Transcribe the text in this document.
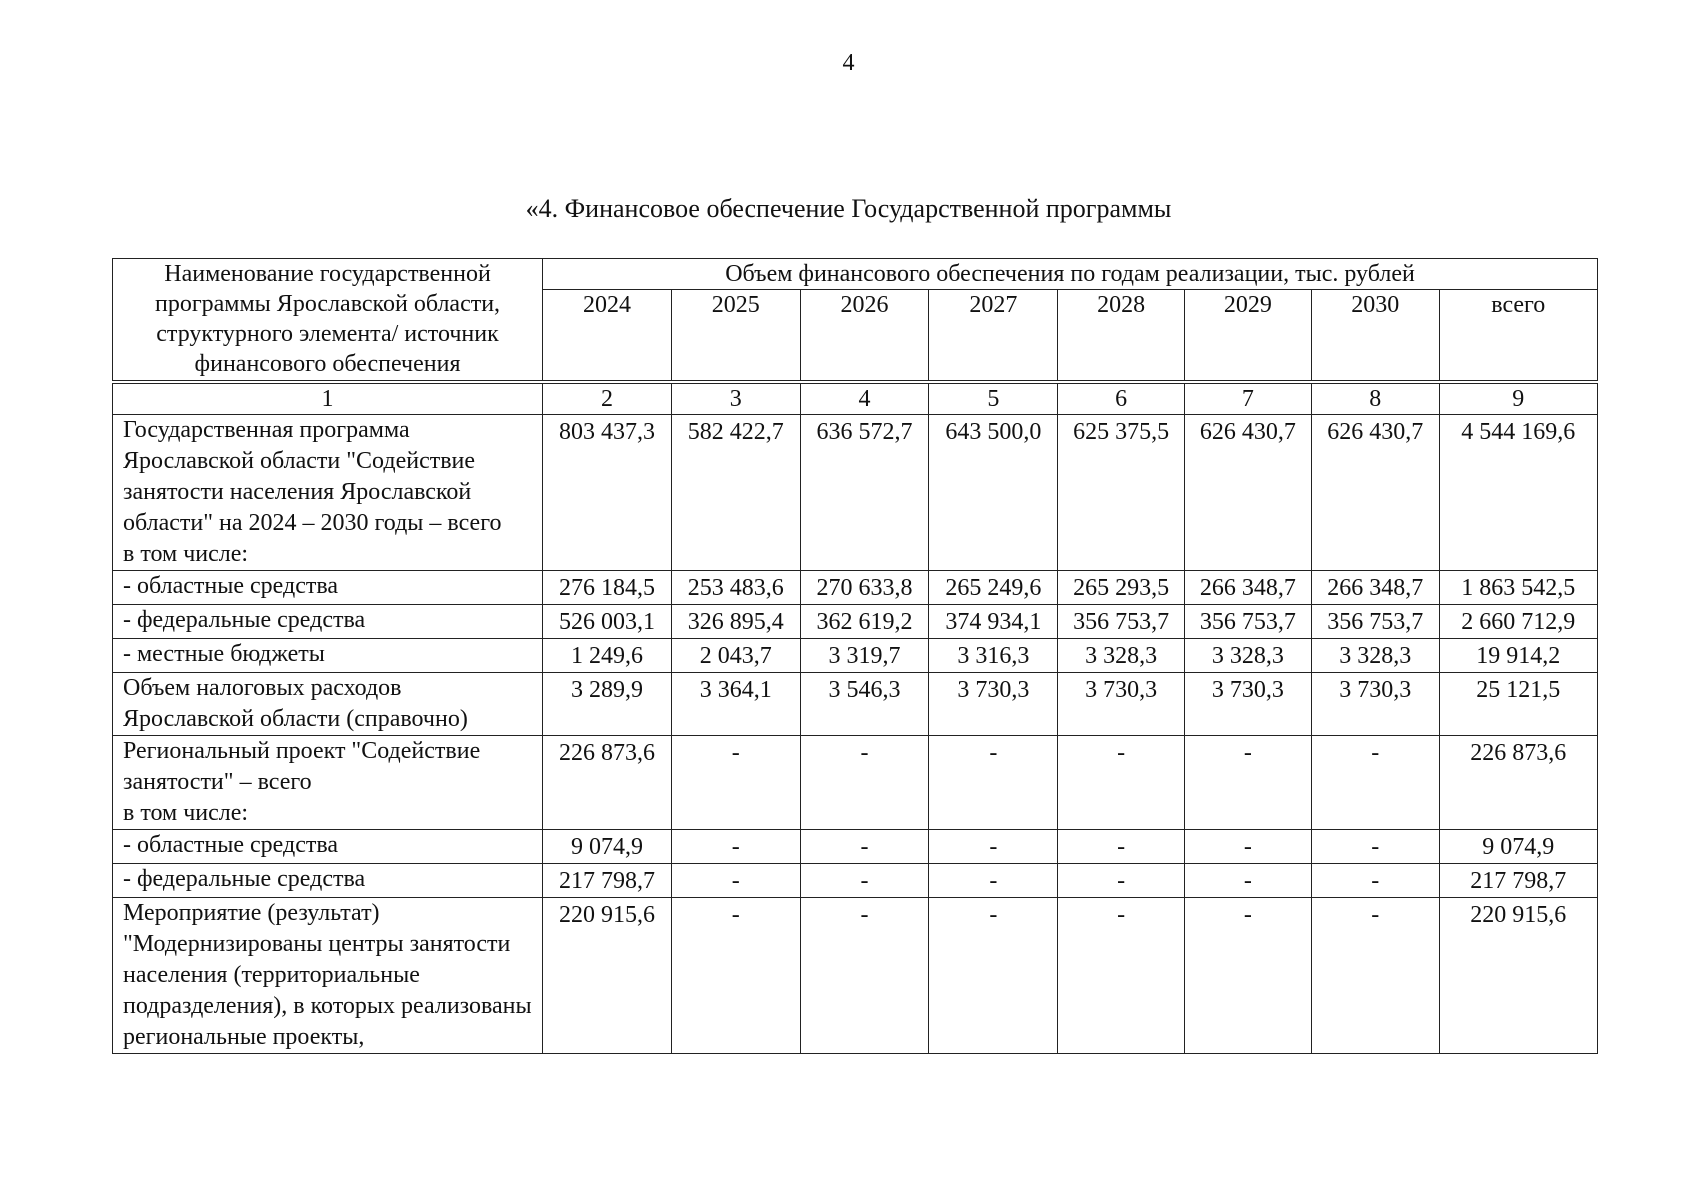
4
«4. Финансовое обеспечение Государственной программы
Наименование государственной программы Ярославской области, структурного элемента/ источник финансового обеспечения	Объем финансового обеспечения по годам реализации, тыс. рублей							
	2024	2025	2026	2027	2028	2029	2030	всего
1	2	3	4	5	6	7	8	9
Государственная программа Ярославской области "Содействие занятости населения Ярославской области" на 2024 – 2030 годы – всего
в том числе:	803 437,3	582 422,7	636 572,7	643 500,0	625 375,5	626 430,7	626 430,7	4 544 169,6
- областные средства	276 184,5	253 483,6	270 633,8	265 249,6	265 293,5	266 348,7	266 348,7	1 863 542,5
- федеральные средства	526 003,1	326 895,4	362 619,2	374 934,1	356 753,7	356 753,7	356 753,7	2 660 712,9
- местные бюджеты	1 249,6	2 043,7	3 319,7	3 316,3	3 328,3	3 328,3	3 328,3	19 914,2
Объем налоговых расходов Ярославской области (справочно)	3 289,9	3 364,1	3 546,3	3 730,3	3 730,3	3 730,3	3 730,3	25 121,5
Региональный проект "Содействие занятости" – всего
в том числе:	226 873,6	-	-	-	-	-	-	226 873,6
- областные средства	9 074,9	-	-	-	-	-	-	9 074,9
- федеральные средства	217 798,7	-	-	-	-	-	-	217 798,7
Мероприятие (результат) "Модернизированы центры занятости населения (территориальные подразделения), в которых реализованы региональные проекты,	220 915,6	-	-	-	-	-	-	220 915,6
